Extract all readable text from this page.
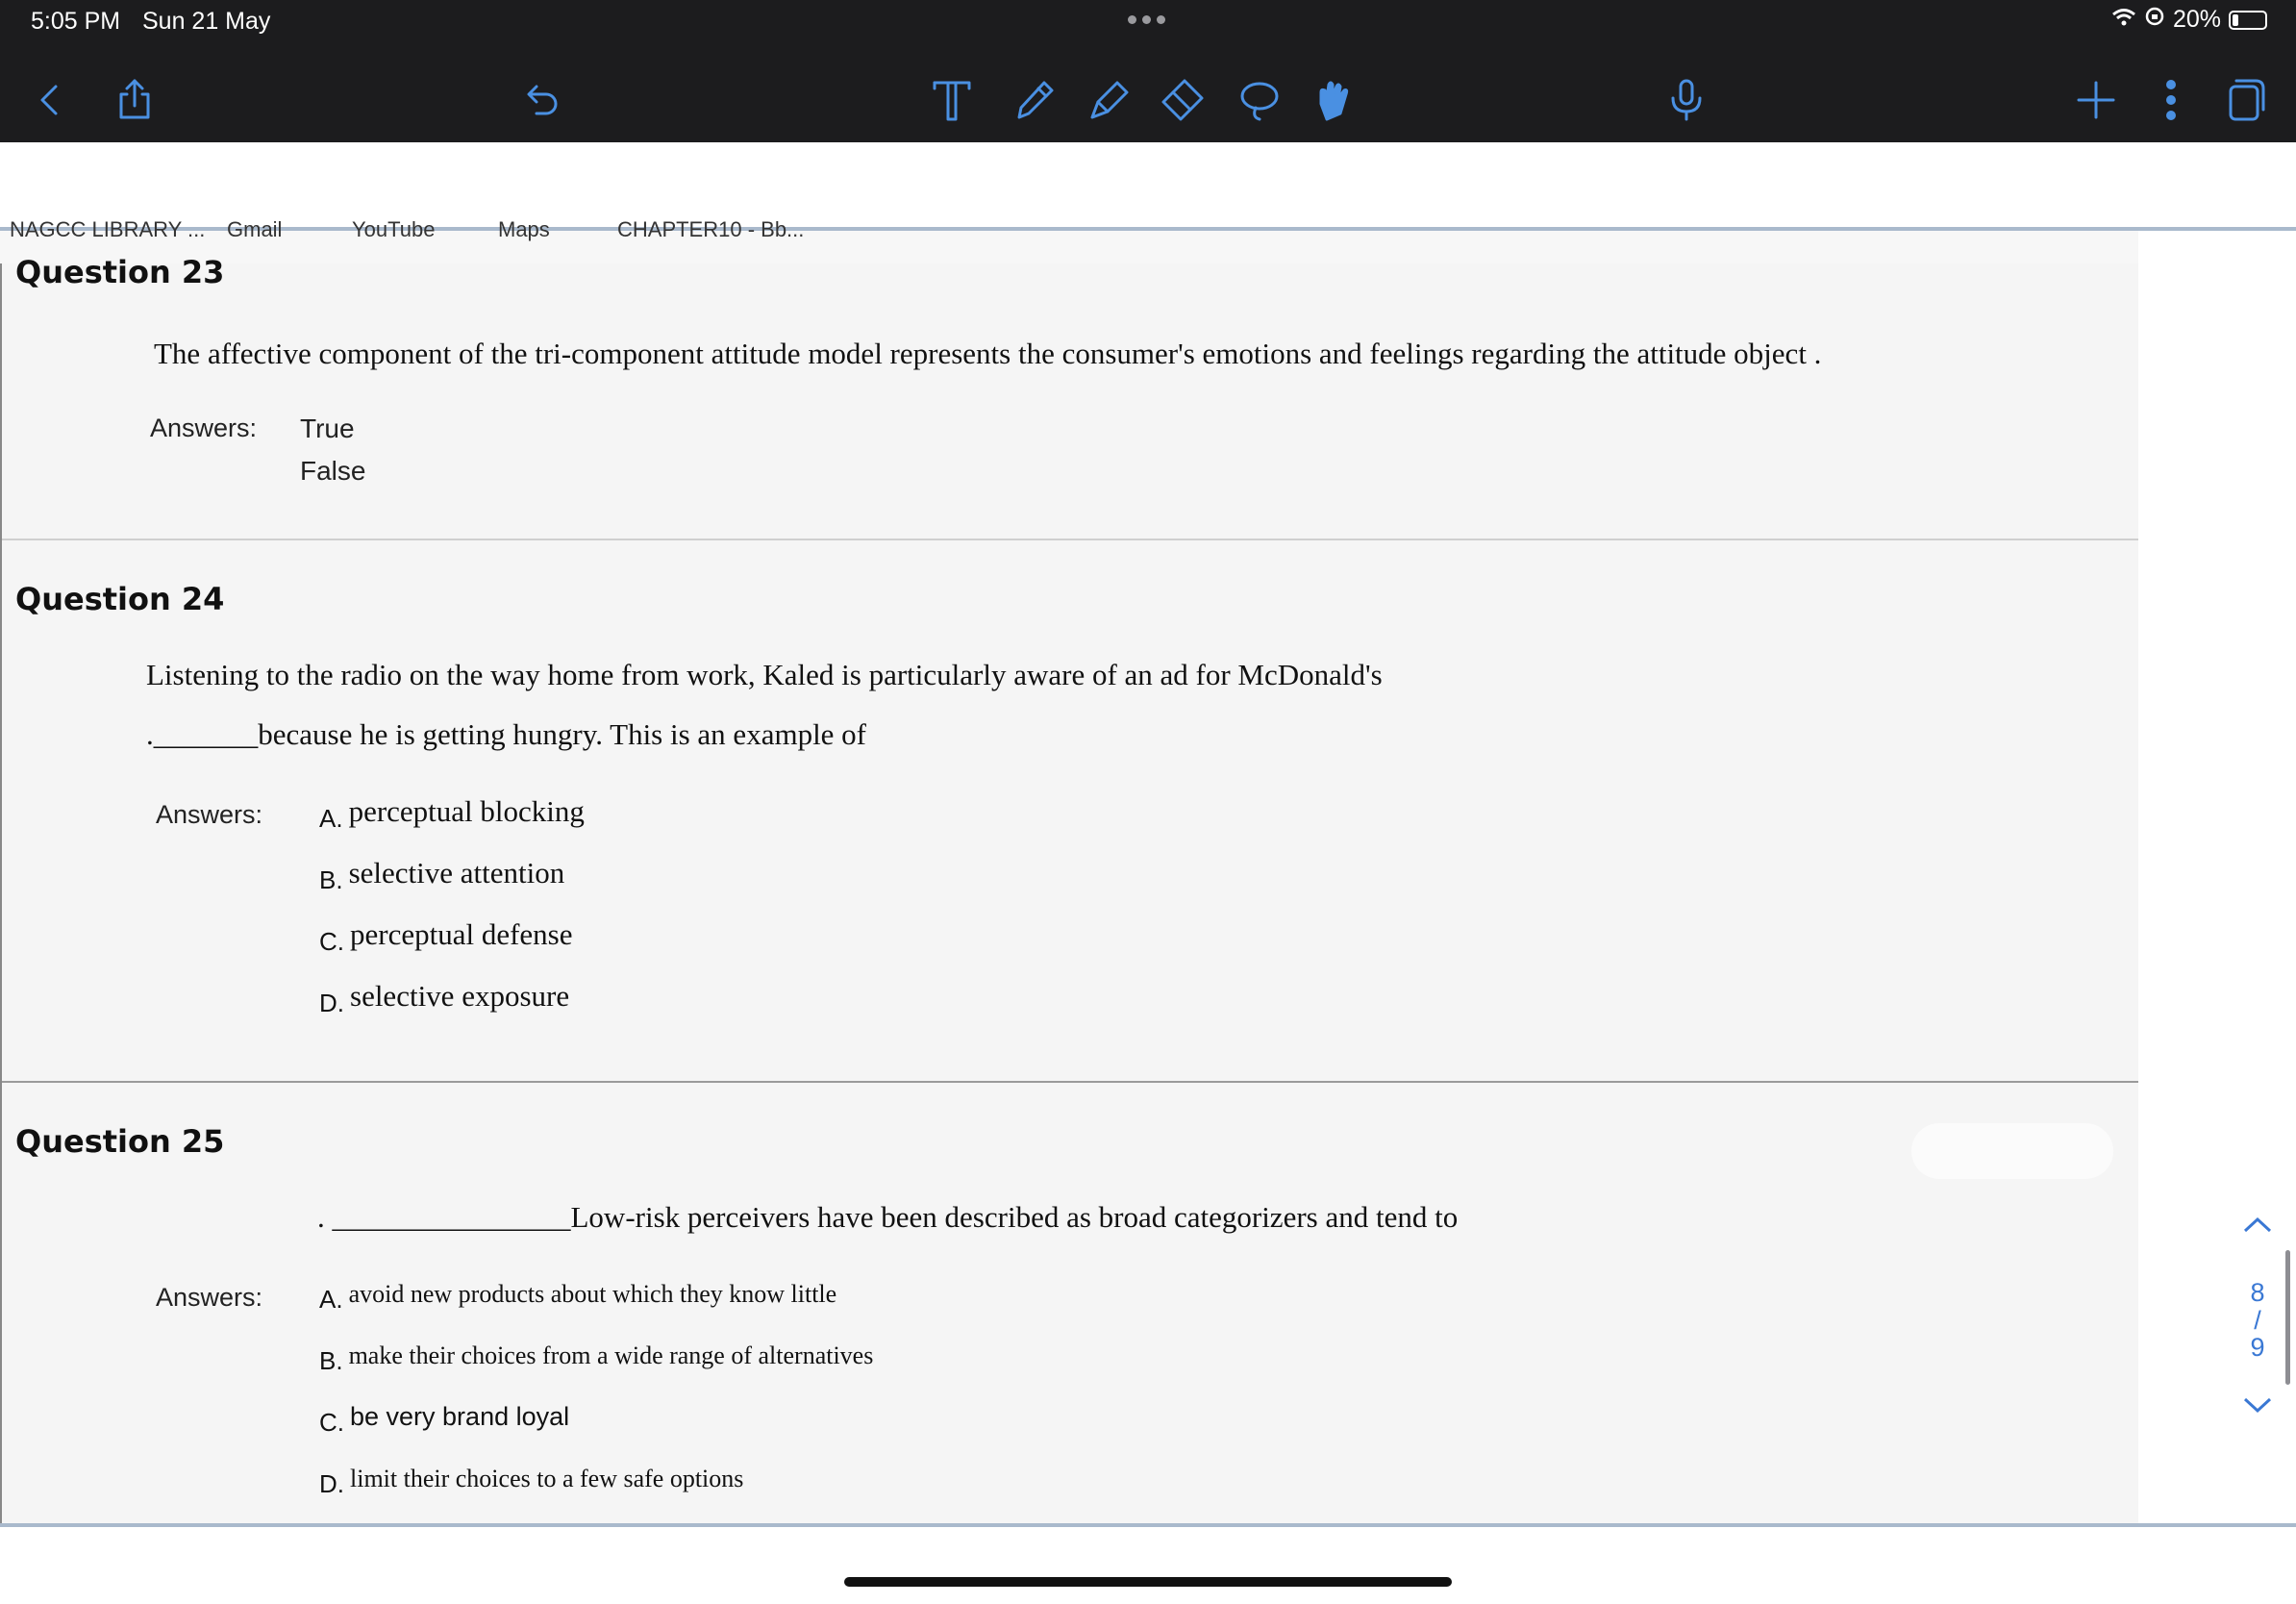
5:05 PM Sun 21 May	20%
NAGCC LIBRARY ... Gmail	YouTube	Maps	CHAPTER10 - Bb...
Question 23
The affective component of the tri-component attitude model represents the consumer's emotions and feelings regarding the attitude object .
Answers: True
False
Question 24
Listening to the radio on the way home from work, Kaled is particularly aware of an ad for McDonald's
._______because he is getting hungry. This is an example of
Answers: A. perceptual blocking
B. selective attention
C. perceptual defense
D. selective exposure
Question 25
. ________________Low-risk perceivers have been described as broad categorizers and tend to
Answers: A. avoid new products about which they know little
B. make their choices from a wide range of alternatives
C. be very brand loyal
D. limit their choices to a few safe options
8
/
9
